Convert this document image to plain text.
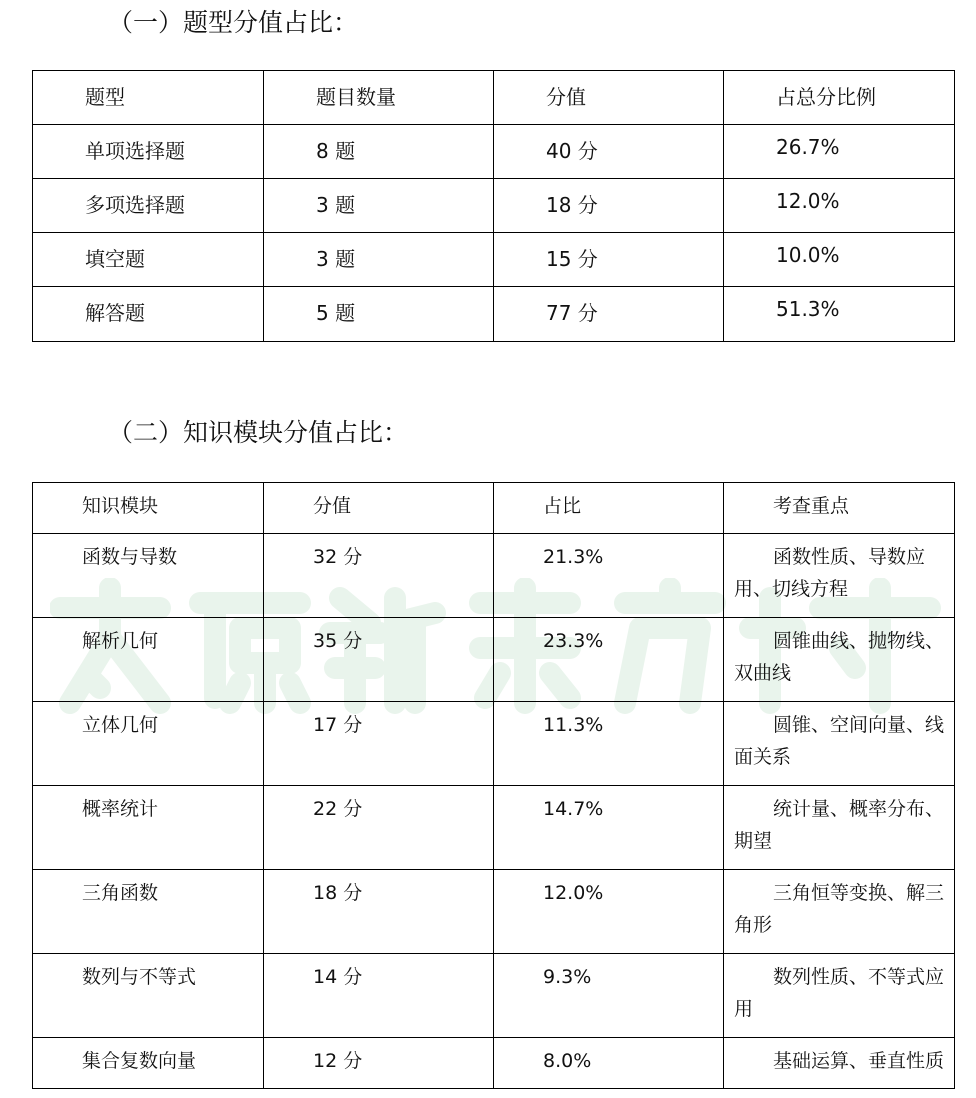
（一）题型分值占比：
题型	题目数量	分值	占总分比例

单项选择题	8 题	40 分	26.7%

多项选择题	3 题	18 分	12.0%

填空题	3 题	15 分	10.0%

解答题	5 题	77 分	51.3%
（二）知识模块分值占比：
知识模块	分值	占比	考查重点

函数与导数	32 分	21.3%	函数性质、导数应用、切线方程

解析几何	35 分	23.3%	圆锥曲线、抛物线、双曲线

立体几何	17 分	11.3%	圆锥、空间向量、线面关系

概率统计	22 分	14.7%	统计量、概率分布、期望

三角函数	18 分	12.0%	三角恒等变换、解三角形

数列与不等式	14 分	9.3%	数列性质、不等式应用

集合复数向量	12 分	8.0%	基础运算、垂直性质
